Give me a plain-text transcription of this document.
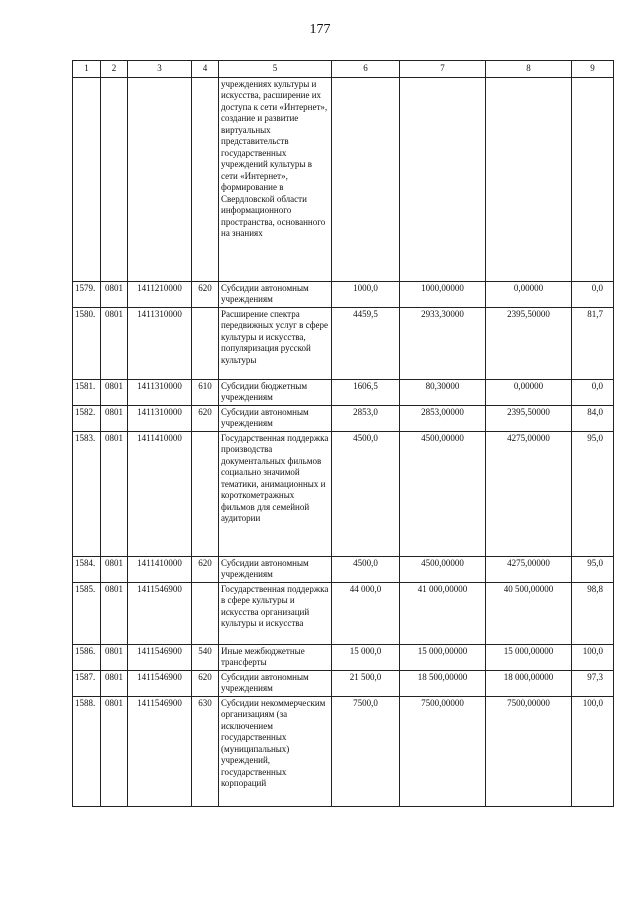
177
1	2	3	4	5	6	7	8	9
				учреждениях культуры и искусства, расширение их доступа к сети «Интернет», создание и развитие виртуальных представительств государственных учреждений культуры в сети «Интернет», формирование в Свердловской области информационного пространства, основанного на знаниях				
1579.	0801	1411210000	620	Субсидии автономным учреждениям	1000,0	1000,00000	0,00000	0,0
1580.	0801	1411310000		Расширение спектра передвижных услуг в сфере культуры и искусства, популяризация русской культуры	4459,5	2933,30000	2395,50000	81,7
1581.	0801	1411310000	610	Субсидии бюджетным учреждениям	1606,5	80,30000	0,00000	0,0
1582.	0801	1411310000	620	Субсидии автономным учреждениям	2853,0	2853,00000	2395,50000	84,0
1583.	0801	1411410000		Государственная поддержка производства документальных фильмов социально значимой тематики, анимационных и короткометражных фильмов для семейной аудитории	4500,0	4500,00000	4275,00000	95,0
1584.	0801	1411410000	620	Субсидии автономным учреждениям	4500,0	4500,00000	4275,00000	95,0
1585.	0801	1411546900		Государственная поддержка в сфере культуры и искусства организаций культуры и искусства	44 000,0	41 000,00000	40 500,00000	98,8
1586.	0801	1411546900	540	Иные межбюджетные трансферты	15 000,0	15 000,00000	15 000,00000	100,0
1587.	0801	1411546900	620	Субсидии автономным учреждениям	21 500,0	18 500,00000	18 000,00000	97,3
1588.	0801	1411546900	630	Субсидии некоммерческим организациям (за исключением государственных (муниципальных) учреждений, государственных корпораций	7500,0	7500,00000	7500,00000	100,0
